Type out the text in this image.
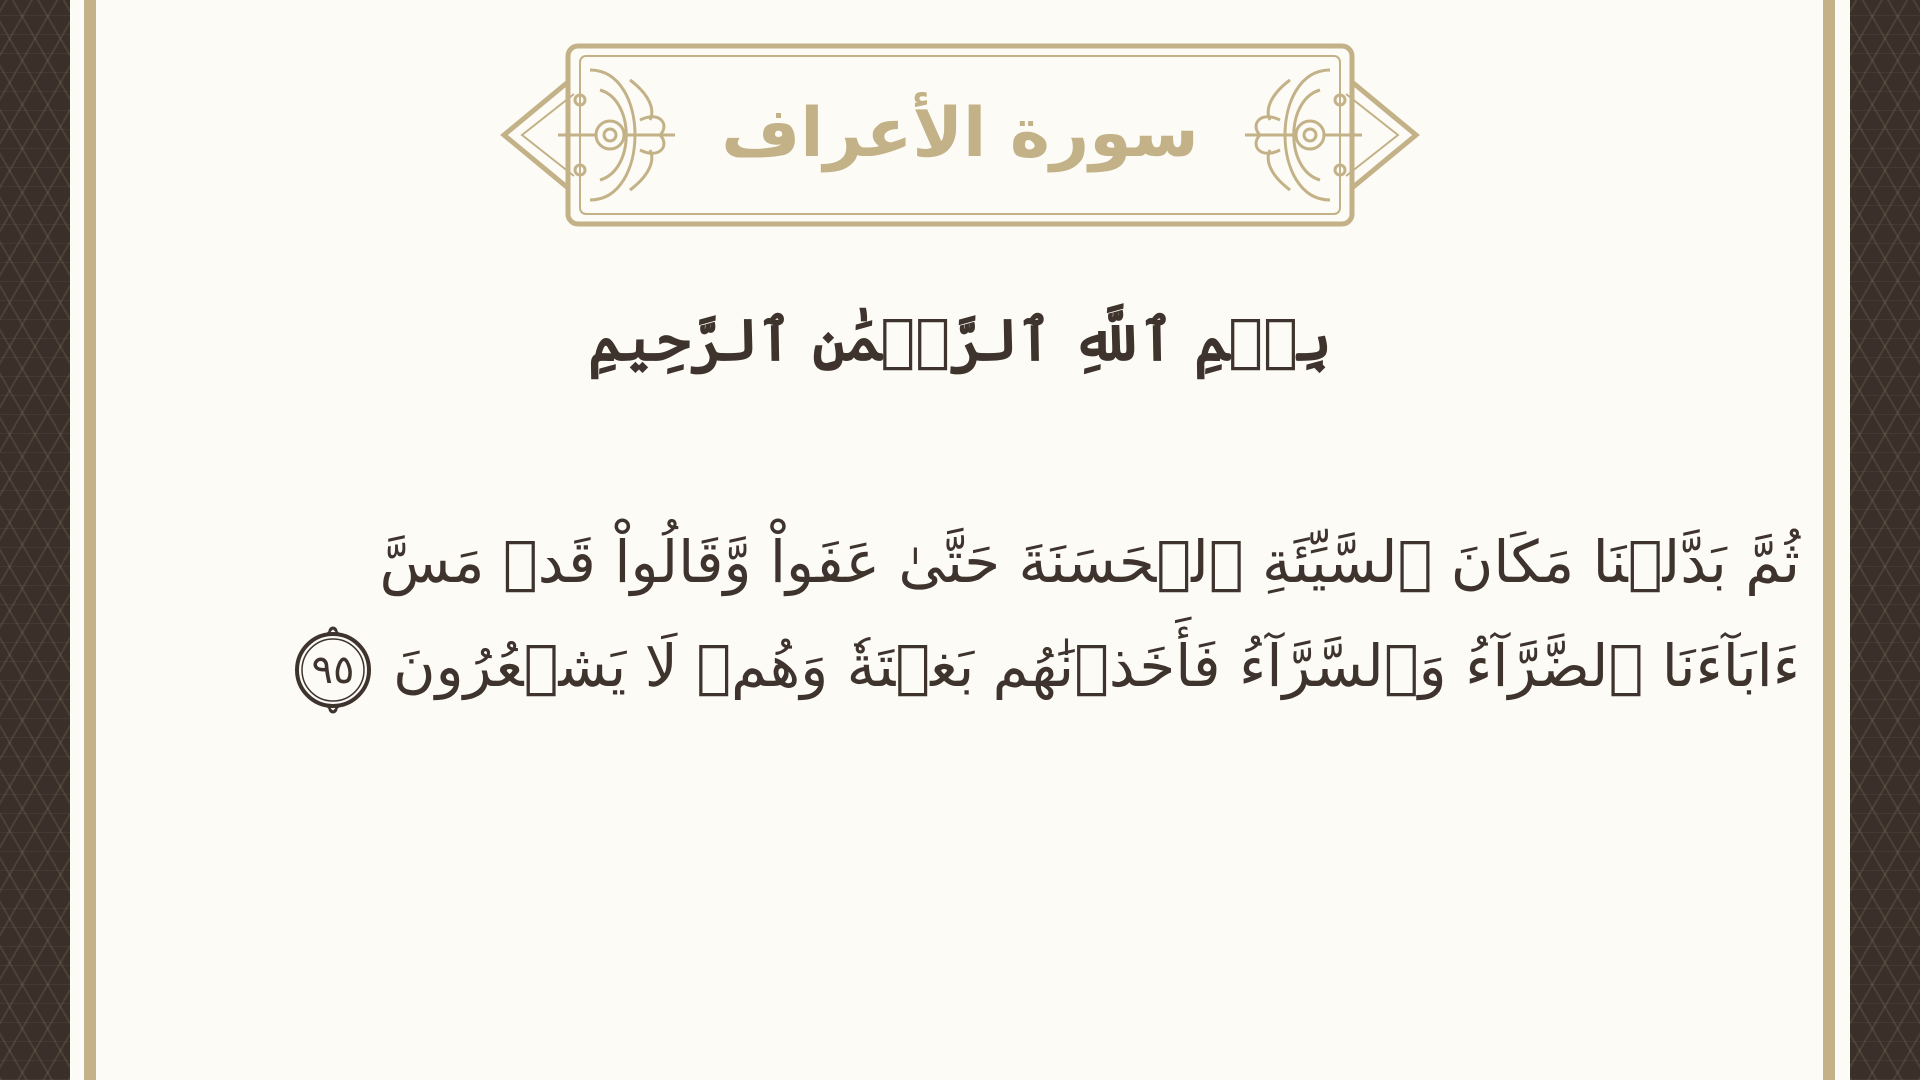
سورة الأعراف
بِسۡمِ ٱللَّهِ ٱلرَّحۡمَٰنِ ٱلرَّحِيمِ
ثُمَّ بَدَّلۡنَا مَكَانَ ٱلسَّيِّئَةِ ٱلۡحَسَنَةَ حَتَّىٰ عَفَواْ وَّقَالُواْ قَدۡ مَسَّ
ءَابَآءَنَا ٱلضَّرَّآءُ وَٱلسَّرَّآءُ فَأَخَذۡنَٰهُم بَغۡتَةٗ وَهُمۡ لَا يَشۡعُرُونَ
٩٥
